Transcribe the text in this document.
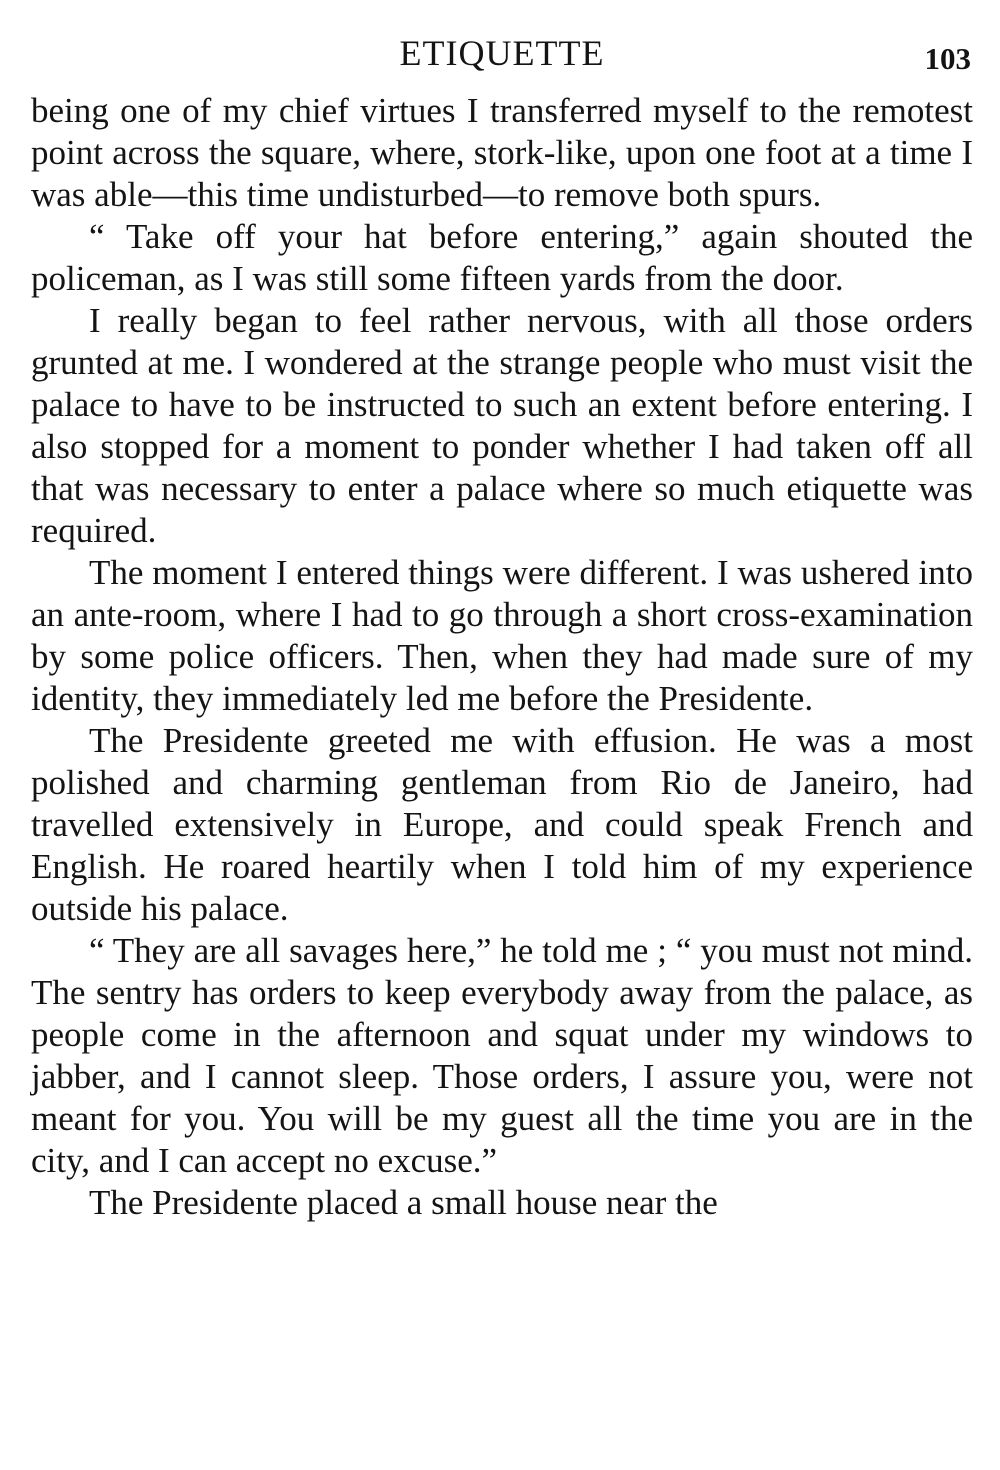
ETIQUETTE	103

being one of my chief virtues I transferred myself to the remotest point across the square, where, stork-like, upon one foot at a time I was able—this time undisturbed—to remove both spurs.

“ Take off your hat before entering,” again shouted the policeman, as I was still some fifteen yards from the door.

I really began to feel rather nervous, with all those orders grunted at me. I wondered at the strange people who must visit the palace to have to be instructed to such an extent before entering. I also stopped for a moment to ponder whether I had taken off all that was necessary to enter a palace where so much etiquette was required.

The moment I entered things were different. I was ushered into an ante-room, where I had to go through a short cross-examination by some police officers. Then, when they had made sure of my identity, they immediately led me before the Presidente.

The Presidente greeted me with effusion. He was a most polished and charming gentleman from Rio de Janeiro, had travelled extensively in Europe, and could speak French and English. He roared heartily when I told him of my experience outside his palace.

“ They are all savages here,” he told me ; “ you must not mind. The sentry has orders to keep everybody away from the palace, as people come in the afternoon and squat under my windows to jabber, and I cannot sleep. Those orders, I assure you, were not meant for you. You will be my guest all the time you are in the city, and I can accept no excuse.”

The Presidente placed a small house near the
